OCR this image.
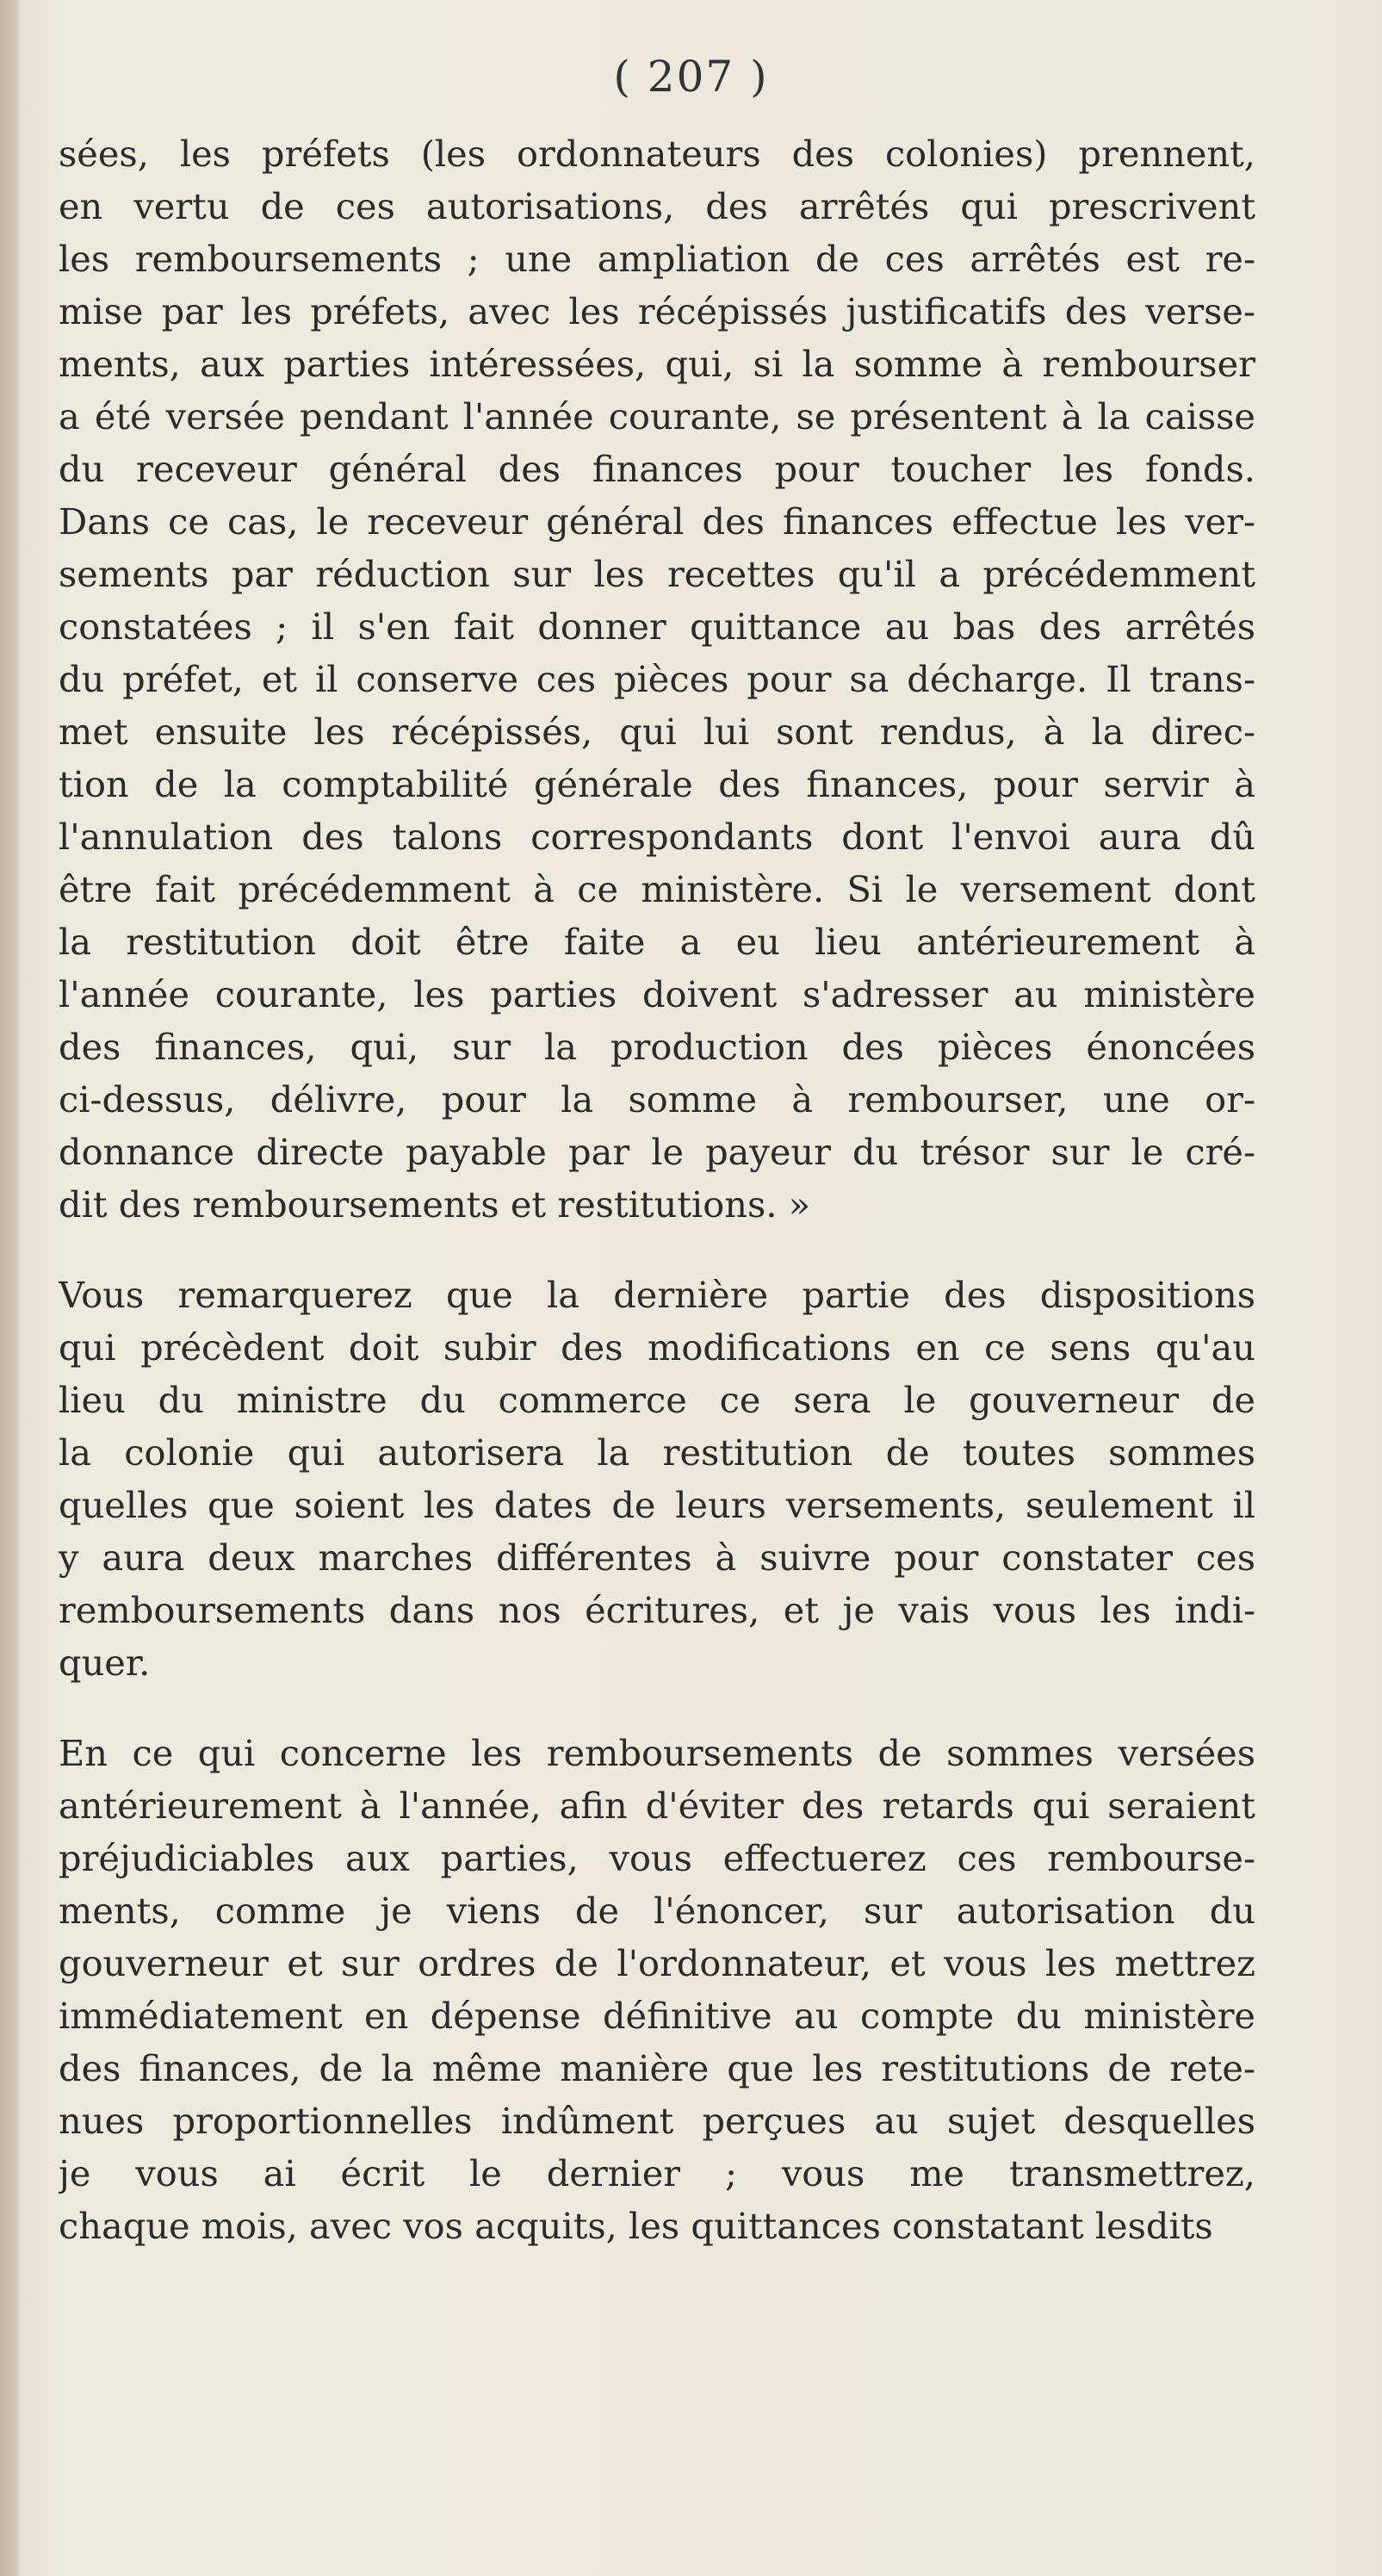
( 207 )
sées, les préfets (les ordonnateurs des colonies) prennent,
en vertu de ces autorisations, des arrêtés qui prescrivent
les remboursements ; une ampliation de ces arrêtés est re-
mise par les préfets, avec les récépissés justificatifs des verse-
ments, aux parties intéressées, qui, si la somme à rembourser
a été versée pendant l'année courante, se présentent à la caisse
du receveur général des finances pour toucher les fonds.
Dans ce cas, le receveur général des finances effectue les ver-
sements par réduction sur les recettes qu'il a précédemment
constatées ; il s'en fait donner quittance au bas des arrêtés
du préfet, et il conserve ces pièces pour sa décharge. Il trans-
met ensuite les récépissés, qui lui sont rendus, à la direc-
tion de la comptabilité générale des finances, pour servir à
l'annulation des talons correspondants dont l'envoi aura dû
être fait précédemment à ce ministère. Si le versement dont
la restitution doit être faite a eu lieu antérieurement à
l'année courante, les parties doivent s'adresser au ministère
des finances, qui, sur la production des pièces énoncées
ci-dessus, délivre, pour la somme à rembourser, une or-
donnance directe payable par le payeur du trésor sur le cré-
dit des remboursements et restitutions. »
Vous remarquerez que la dernière partie des dispositions
qui précèdent doit subir des modifications en ce sens qu'au
lieu du ministre du commerce ce sera le gouverneur de
la colonie qui autorisera la restitution de toutes sommes
quelles que soient les dates de leurs versements, seulement il
y aura deux marches différentes à suivre pour constater ces
remboursements dans nos écritures, et je vais vous les indi-
quer.
En ce qui concerne les remboursements de sommes versées
antérieurement à l'année, afin d'éviter des retards qui seraient
préjudiciables aux parties, vous effectuerez ces rembourse-
ments, comme je viens de l'énoncer, sur autorisation du
gouverneur et sur ordres de l'ordonnateur, et vous les mettrez
immédiatement en dépense définitive au compte du ministère
des finances, de la même manière que les restitutions de rete-
nues proportionnelles indûment perçues au sujet desquelles
je vous ai écrit le dernier ; vous me transmettrez,
chaque mois, avec vos acquits, les quittances constatant lesdits
